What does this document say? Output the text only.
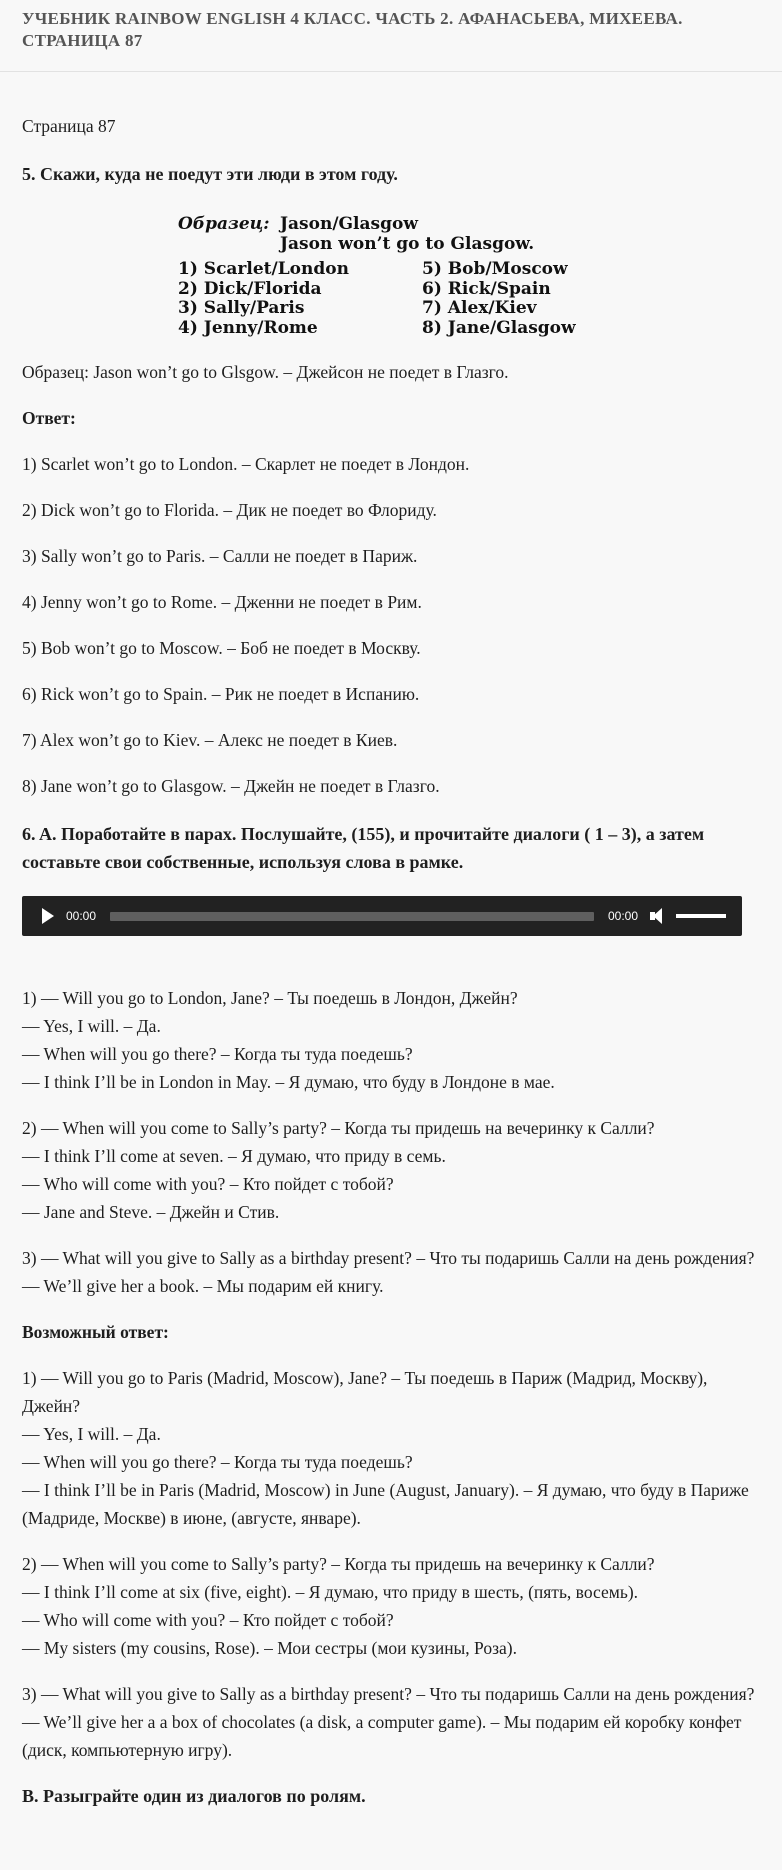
УЧЕБНИК RAINBOW ENGLISH 4 КЛАСС. ЧАСТЬ 2. АФАНАСЬЕВА, МИХЕЕВА. СТРАНИЦА 87

Страница 87

5. Скажи, куда не поедут эти люди в этом году.

Образец: Jason/Glasgow
Jason won’t go to Glasgow.
1) Scarlet/London	5) Bob/Moscow
2) Dick/Florida	6) Rick/Spain
3) Sally/Paris	7) Alex/Kiev
4) Jenny/Rome	8) Jane/Glasgow

Образец: Jason won’t go to Glsgow. – Джейсон не поедет в Глазго.

Ответ:

1) Scarlet won’t go to London. – Скарлет не поедет в Лондон.

2) Dick won’t go to Florida. – Дик не поедет во Флориду.

3) Sally won’t go to Paris. – Салли не поедет в Париж.

4) Jenny won’t go to Rome. – Дженни не поедет в Рим.

5) Bob won’t go to Moscow. – Боб не поедет в Москву.

6) Rick won’t go to Spain. – Рик не поедет в Испанию.

7) Alex won’t go to Kiev. – Алекс не поедет в Киев.

8) Jane won’t go to Glasgow. – Джейн не поедет в Глазго.

6. A. Поработайте в парах. Послушайте, (155), и прочитайте диалоги ( 1 – 3), а затем составьте свои собственные, используя слова в рамке.

00:00	00:00

1) — Will you go to London, Jane? – Ты поедешь в Лондон, Джейн?

— Yes, I will. – Да.

— When will you go there? – Когда ты туда поедешь?

— I think I’ll be in London in May. – Я думаю, что буду в Лондоне в мае.

2) — When will you come to Sally’s party? – Когда ты придешь на вечеринку к Салли?

— I think I’ll come at seven. – Я думаю, что приду в семь.

— Who will come with you? – Кто пойдет с тобой?

— Jane and Steve. – Джейн и Стив.

3) — What will you give to Sally as a birthday present? – Что ты подаришь Салли на день рождения?

— We’ll give her a book. – Мы подарим ей книгу.

Возможный ответ:

1) — Will you go to Paris (Madrid, Moscow), Jane? – Ты поедешь в Париж (Мадрид, Москву), Джейн?

— Yes, I will. – Да.

— When will you go there? – Когда ты туда поедешь?

— I think I’ll be in Paris (Madrid, Moscow) in June (August, January). – Я думаю, что буду в Париже (Мадриде, Москве) в июне, (августе, январе).

2) — When will you come to Sally’s party? – Когда ты придешь на вечеринку к Салли?

— I think I’ll come at six (five, eight). – Я думаю, что приду в шесть, (пять, восемь).

— Who will come with you? – Кто пойдет с тобой?

— My sisters (my cousins, Rose). – Мои сестры (мои кузины, Роза).

3) — What will you give to Sally as a birthday present? – Что ты подаришь Салли на день рождения?

— We’ll give her a a box of chocolates (a disk, a computer game). – Мы подарим ей коробку конфет (диск, компьютерную игру).

B. Разыграйте один из диалогов по ролям.
